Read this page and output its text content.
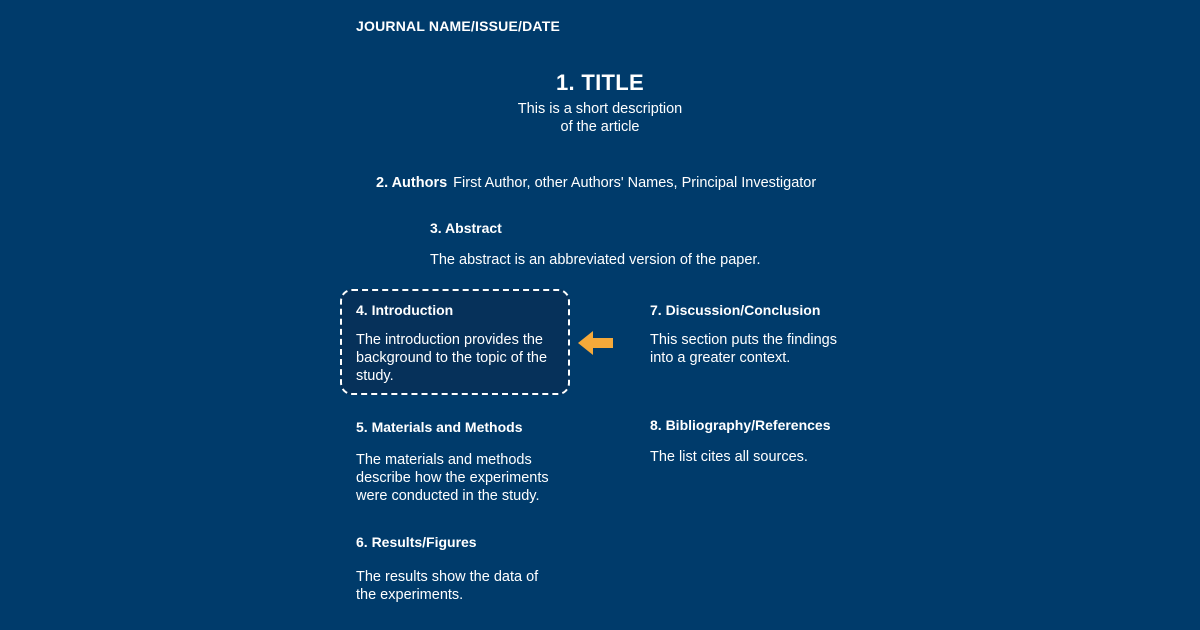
JOURNAL NAME/ISSUE/DATE
1. TITLE
This is a short description
of the article
2. Authors First Author, other Authors' Names, Principal Investigator
3. Abstract
The abstract is an abbreviated version of the paper.
4. Introduction
The introduction provides the
background to the topic of the
study.
7. Discussion/Conclusion
This section puts the findings
into a greater context.
5. Materials and Methods
The materials and methods
describe how the experiments
were conducted in the study.
8. Bibliography/References
The list cites all sources.
6. Results/Figures
The results show the data of
the experiments.
